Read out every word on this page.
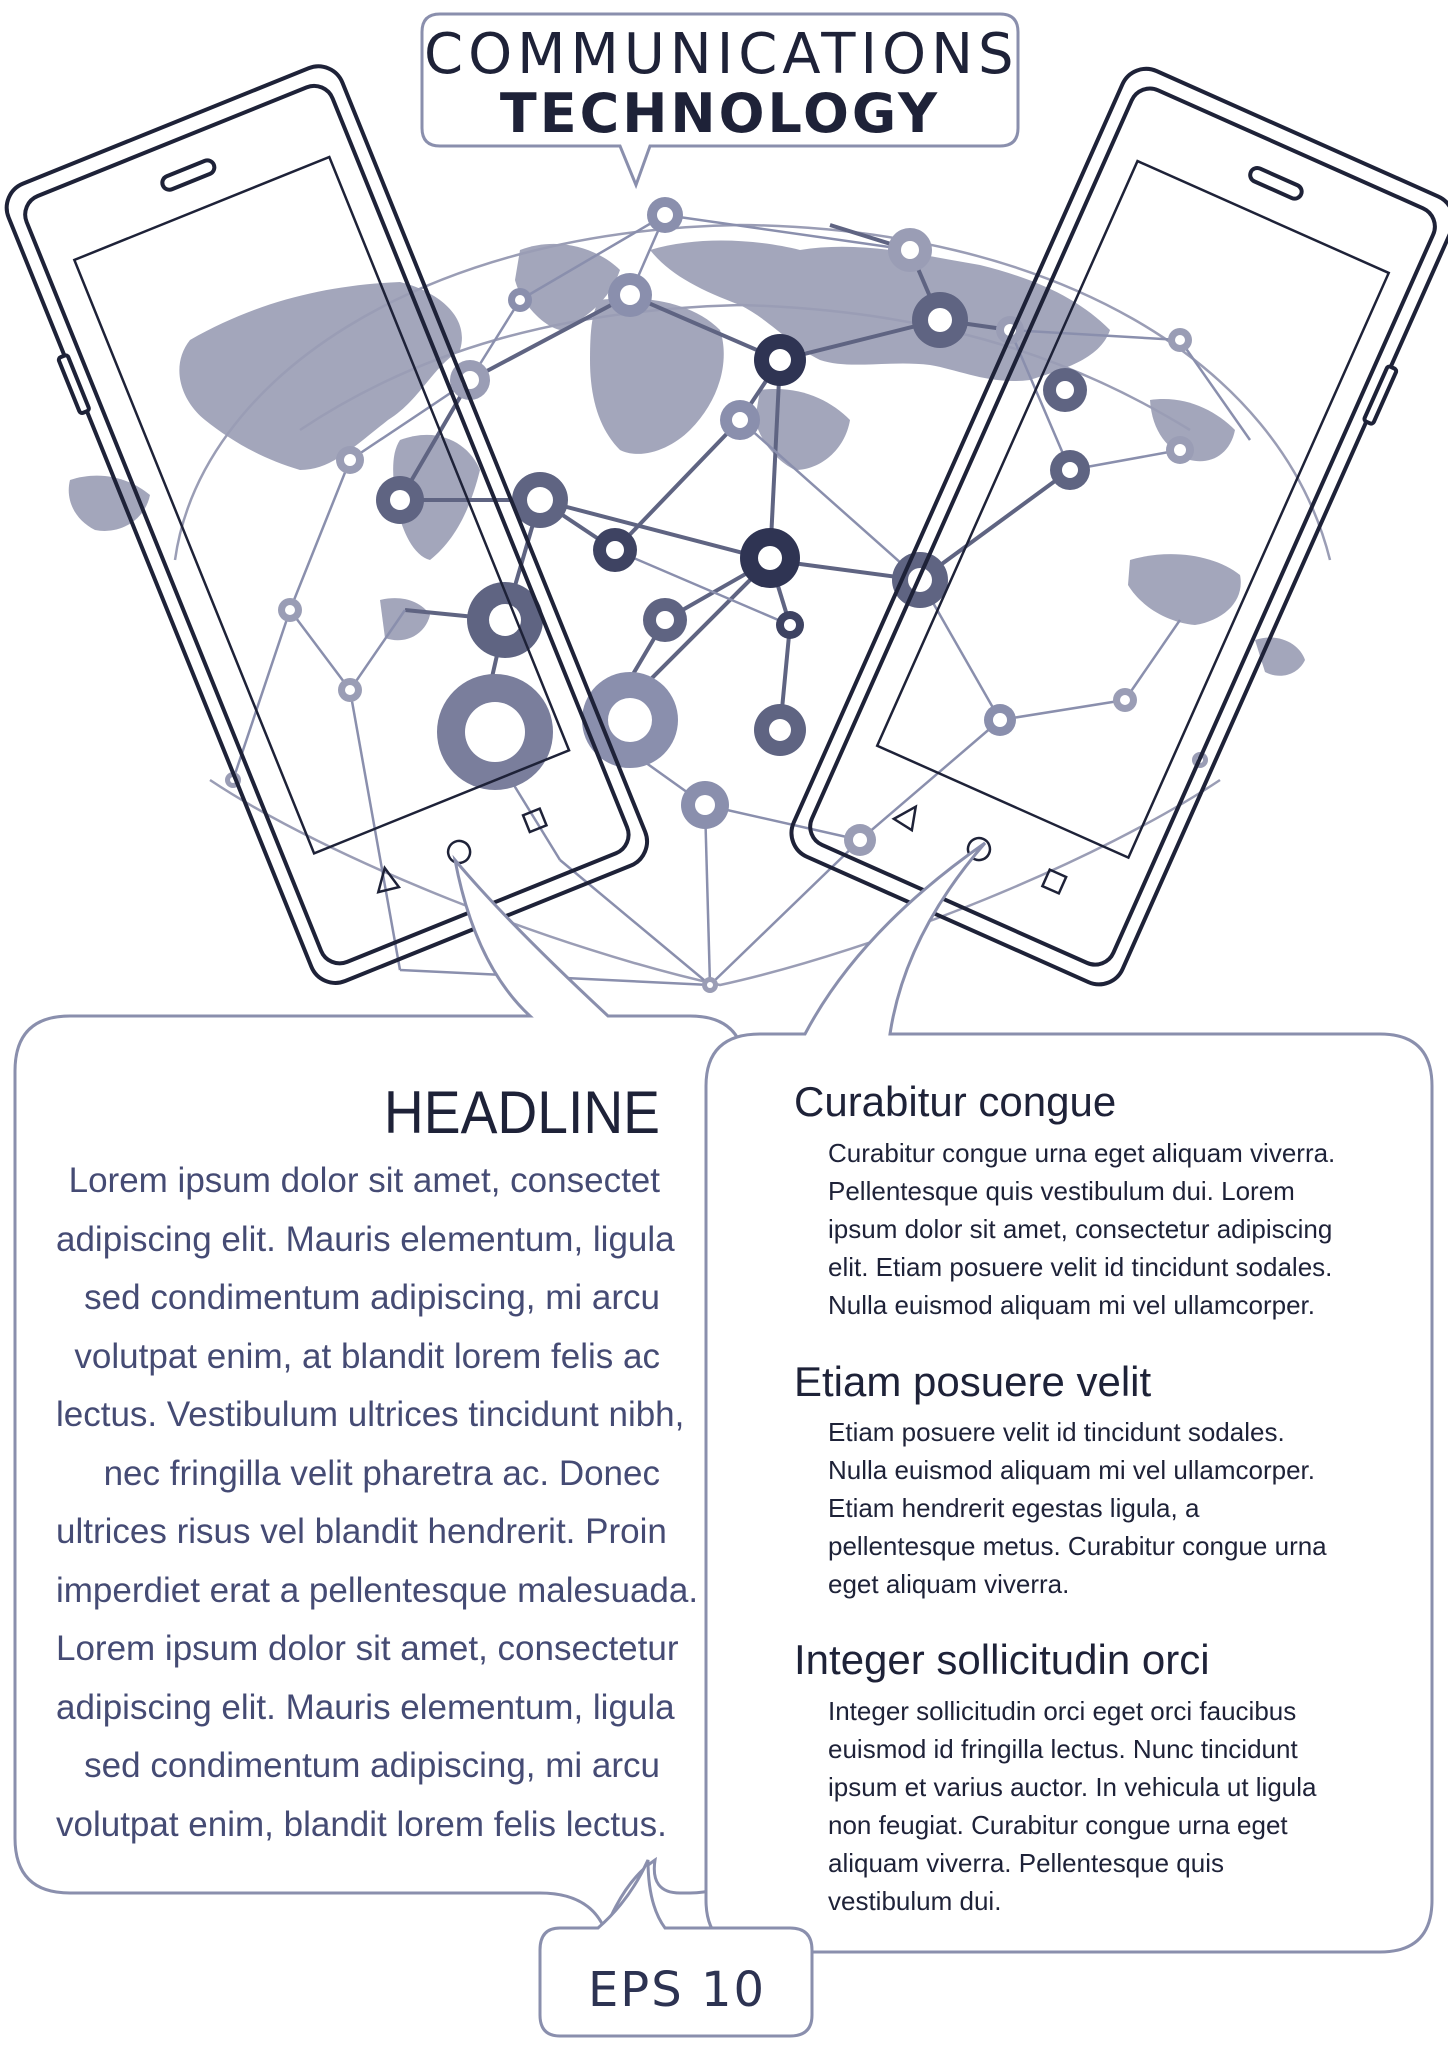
COMMUNICATIONS
TECHNOLOGY
HEADLINE
Lorem ipsum dolor sit amet, consectet
adipiscing elit. Mauris elementum, ligula
sed condimentum adipiscing, mi arcu
volutpat enim, at blandit lorem felis ac
lectus. Vestibulum ultrices tincidunt nibh,
nec fringilla velit pharetra ac. Donec
ultrices risus vel blandit hendrerit. Proin
imperdiet erat a pellentesque malesuada.
Lorem ipsum dolor sit amet, consectetur
adipiscing elit. Mauris elementum, ligula
sed condimentum adipiscing, mi arcu
volutpat enim, blandit lorem felis lectus.
Curabitur congue
Curabitur congue urna eget aliquam viverra.
Pellentesque quis vestibulum dui. Lorem
ipsum dolor sit amet, consectetur adipiscing
elit. Etiam posuere velit id tincidunt sodales.
Nulla euismod aliquam mi vel ullamcorper.
Etiam posuere velit
Etiam posuere velit id tincidunt sodales.
Nulla euismod aliquam mi vel ullamcorper.
Etiam hendrerit egestas ligula, a
pellentesque metus. Curabitur congue urna
eget aliquam viverra.
Integer sollicitudin orci
Integer sollicitudin orci eget orci faucibus
euismod id fringilla lectus. Nunc tincidunt
ipsum et varius auctor. In vehicula ut ligula
non feugiat. Curabitur congue urna eget
aliquam viverra. Pellentesque quis
vestibulum dui.
EPS 10
